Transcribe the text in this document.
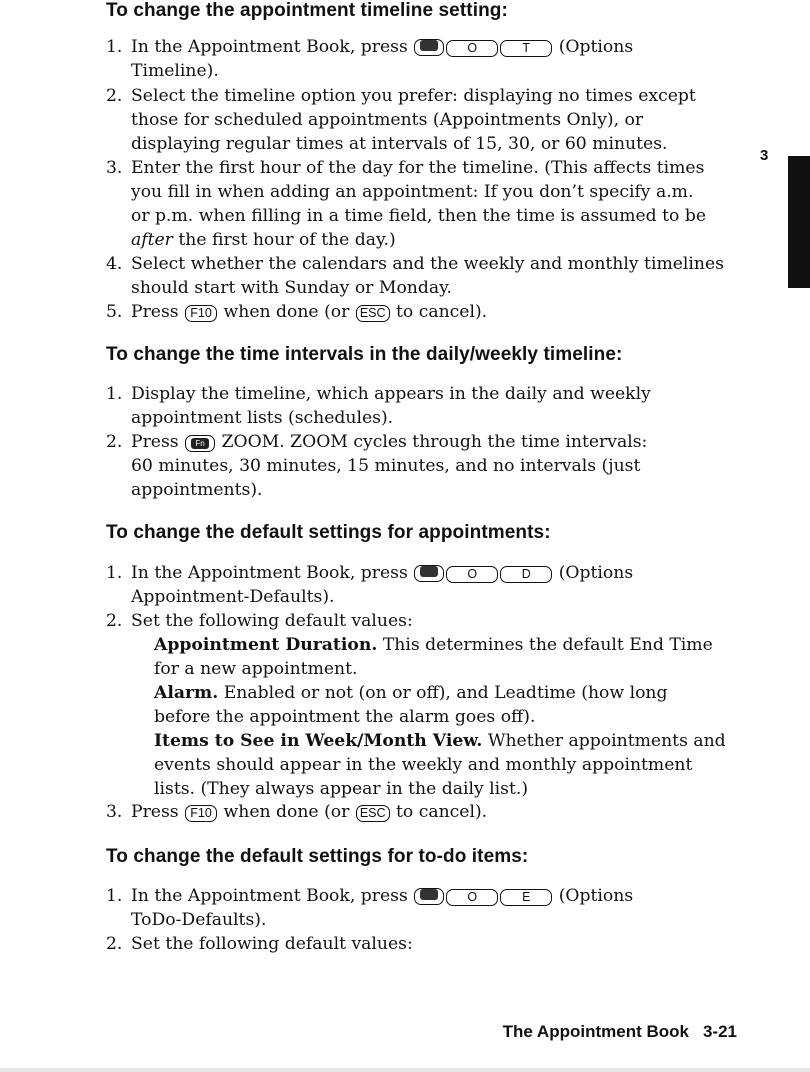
To change the appointment timeline setting:
1. In the Appointment Book, press	O	T (Options
Timeline).
2. Select the timeline option you prefer: displaying no times except
those for scheduled appointments (Appointments Only), or
displaying regular times at intervals of 15, 30, or 60 minutes.
3. Enter the first hour of the day for the timeline. (This affects times
you fill in when adding an appointment: If you don’t specify a.m.
or p.m. when filling in a time field, then the time is assumed to be
after the first hour of the day.)
4. Select whether the calendars and the weekly and monthly timelines
should start with Sunday or Monday.
5. Press F10 when done (or ESC to cancel).
To change the time intervals in the daily/weekly timeline:
1. Display the timeline, which appears in the daily and weekly
appointment lists (schedules).
2. Press Fn ZOOM. ZOOM cycles through the time intervals:
60 minutes, 30 minutes, 15 minutes, and no intervals (just
appointments).
To change the default settings for appointments:
1. In the Appointment Book, press	O	D (Options
Appointment-Defaults).
2. Set the following default values:
Appointment Duration. This determines the default End Time
for a new appointment.
Alarm. Enabled or not (on or off), and Leadtime (how long
before the appointment the alarm goes off).
Items to See in Week/Month View. Whether appointments and
events should appear in the weekly and monthly appointment
lists. (They always appear in the daily list.)
3. Press F10 when done (or ESC to cancel).
To change the default settings for to-do items:
1. In the Appointment Book, press	O	E (Options
ToDo-Defaults).
2. Set the following default values:
3
The Appointment Book 3-21
